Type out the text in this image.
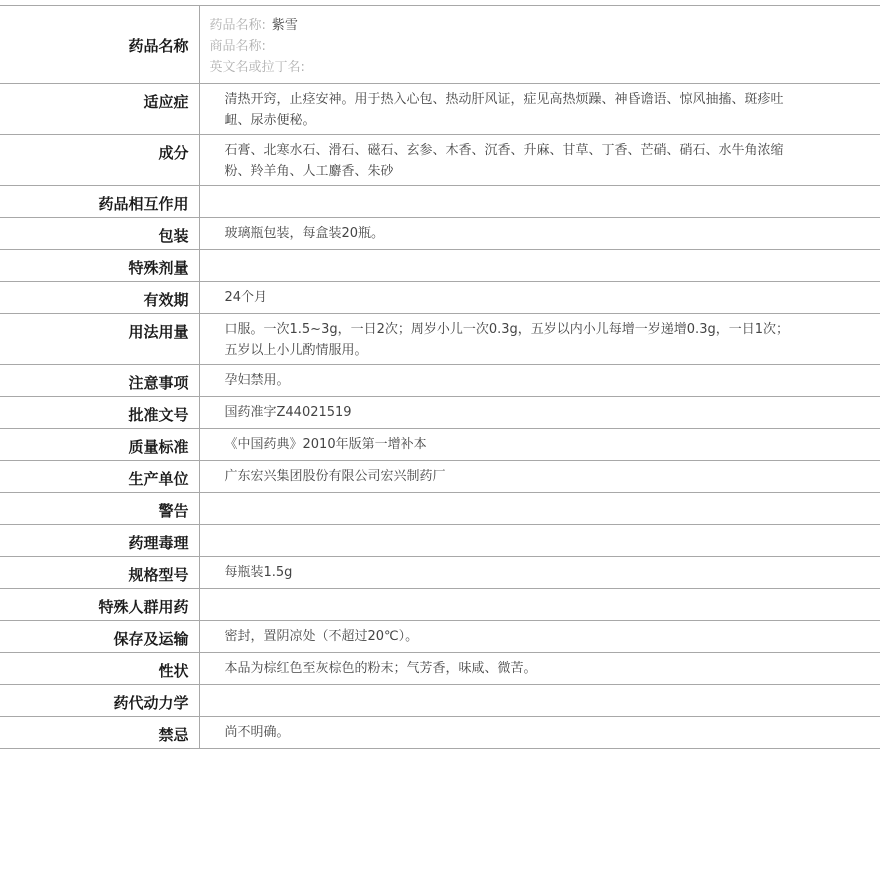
药品名称	药品名称: 紫雪
商品名称:
英文名或拉丁名:

适应症	清热开窍，止痉安神。用于热入心包、热动肝风证，症见高热烦躁、神昏谵语、惊风抽搐、斑疹吐衄、尿赤便秘。

成分	石膏、北寒水石、滑石、磁石、玄参、木香、沉香、升麻、甘草、丁香、芒硝、硝石、水牛角浓缩粉、羚羊角、人工麝香、朱砂

药品相互作用	

包装	玻璃瓶包装，每盒装20瓶。

特殊剂量	

有效期	24个月

用法用量	口服。一次1.5~3g，一日2次；周岁小儿一次0.3g，五岁以内小儿每增一岁递增0.3g，一日1次；五岁以上小儿酌情服用。

注意事项	孕妇禁用。

批准文号	国药准字Z44021519

质量标准	《中国药典》2010年版第一增补本

生产单位	广东宏兴集团股份有限公司宏兴制药厂

警告	

药理毒理	

规格型号	每瓶装1.5g

特殊人群用药	

保存及运输	密封，置阴凉处（不超过20℃）。

性状	本品为棕红色至灰棕色的粉末；气芳香，味咸、微苦。

药代动力学	

禁忌	尚不明确。
